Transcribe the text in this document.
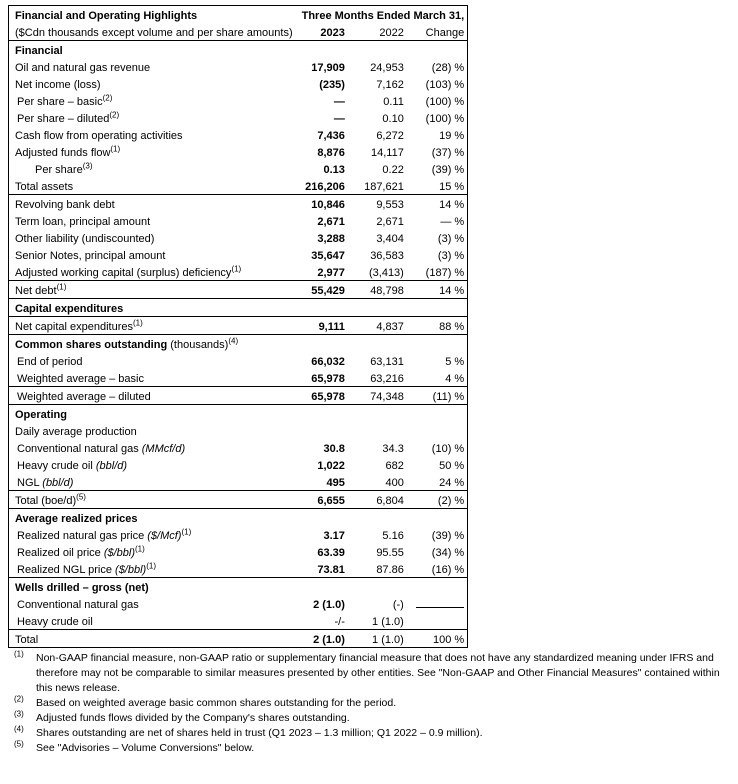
Financial and Operating Highlights	Three Months Ended March 31,		
($Cdn thousands except volume and per share amounts)	2023	2022	Change
Financial			
Oil and natural gas revenue	17,909	24,953	(28) %
Net income (loss)	(235)	7,162	(103) %
Per share – basic$^{(2)}$	—	0.11	(100) %
Per share – diluted$^{(2)}$	—	0.10	(100) %
Cash flow from operating activities	7,436	6,272	19 %
Adjusted funds flow$^{(1)}$	8,876	14,117	(37) %
Per share$^{(3)}$	0.13	0.22	(39) %
Total assets	216,206	187,621	15 %
Revolving bank debt	10,846	9,553	14 %
Term loan, principal amount	2,671	2,671	— %
Other liability (undiscounted)	3,288	3,404	(3) %
Senior Notes, principal amount	35,647	36,583	(3) %
Adjusted working capital (surplus) deficiency$^{(1)}$	2,977	(3,413)	(187) %
Net debt$^{(1)}$	55,429	48,798	14 %
Capital expenditures			
Net capital expenditures$^{(1)}$	9,111	4,837	88 %
Common shares outstanding (thousands)$^{(4)}$	
End of period	66,032	63,131	5 %
Weighted average – basic	65,978	63,216	4 %
Weighted average – diluted	65,978	74,348	(11) %
Operating			
Daily average production			
Conventional natural gas (MMcf/d)	30.8	34.3	(10) %
Heavy crude oil (bbl/d)	1,022	682	50 %
NGL (bbl/d)	495	400	24 %
Total $(boe/d)^{(5)}$	6,655	6,804	(2) %
Average realized prices			
Realized natural gas price ($/Mcf)$^{(1)}$	3.17	5.16	(39) %
Realized oil price ($/bbl)$^{(1)}$	63.39	95.55	(34) %
Realized NGL price ($/bbl)$^{(1)}$	73.81	87.86	(16) %
Wells drilled – gross (net)			
Conventional natural gas	2 (1.0)	(-)	
Heavy crude oil	-/-	1 (1.0)	
Total	2 (1.0)	1 (1.0)	100 %
$^{(1)}$	Non-GAAP financial measure, non-GAAP ratio or supplementary financial measure that does not have any standardized meaning under IFRS and therefore may not be comparable to similar measures presented by other entities. See "Non-GAAP and Other Financial Measures" contained within this news release.
$^{(2)}$	Based on weighted average basic common shares outstanding for the period.
$^{(3)}$	Adjusted funds flows divided by the Company's shares outstanding.
$^{(4)}$	Shares outstanding are net of shares held in trust (Q1 2023 – 1.3 million; Q1 2022 – 0.9 million).
$^{(5)}$	See "Advisories – Volume Conversions" below.
